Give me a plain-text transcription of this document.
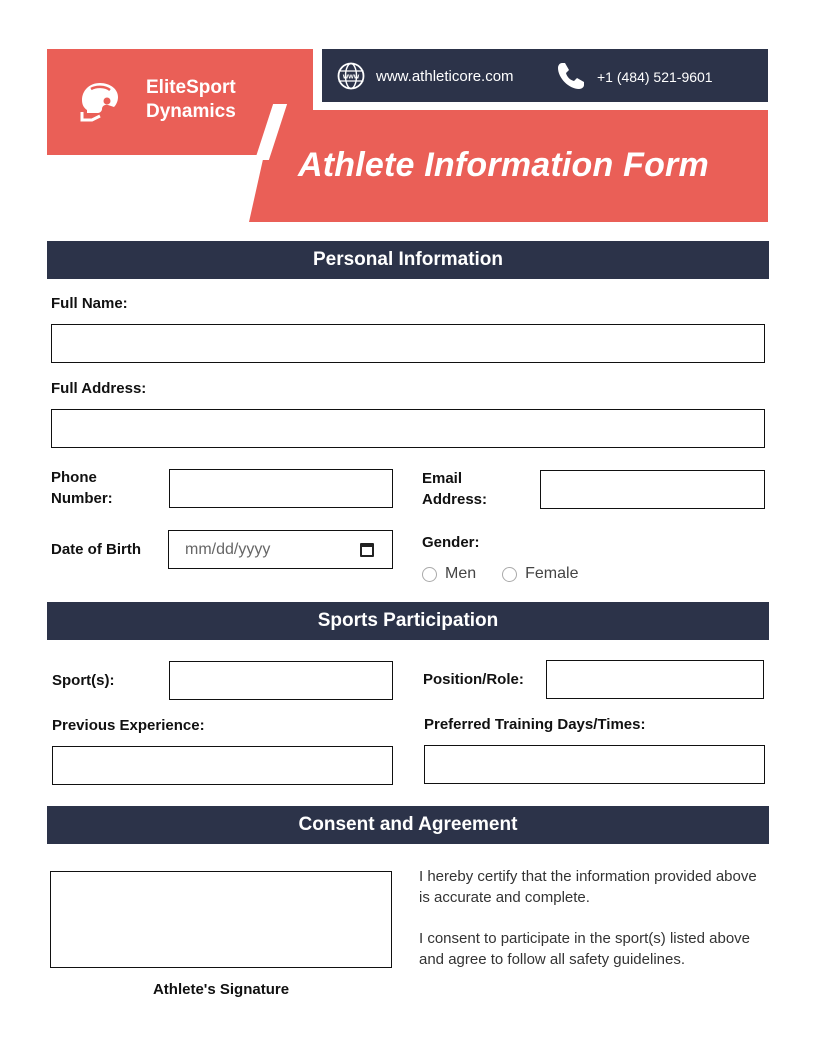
EliteSport
Dynamics
www www.athleticore.com	+1 (484) 521-9601
Athlete Information Form
Personal Information
Full Name:
Full Address:
Phone
Number:
Email
Address:
Date of Birth	mm/dd/yyyy	Gender:
Men	Female
Sports Participation
Sport(s):	Position/Role:
Previous Experience:	Preferred Training Days/Times:
Consent and Agreement
Athlete's Signature

I hereby certify that the information provided above is accurate and complete.

I consent to participate in the sport(s) listed above and agree to follow all safety guidelines.
